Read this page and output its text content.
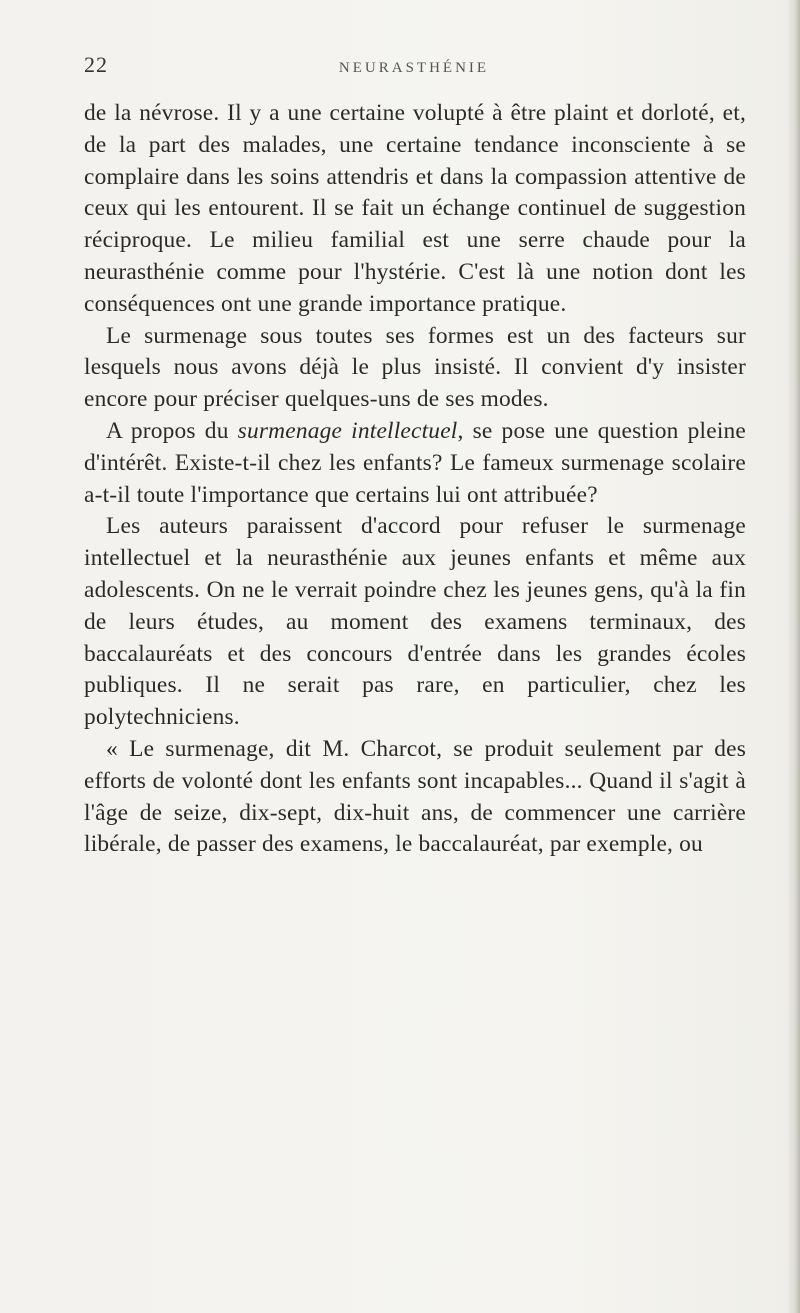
22	NEURASTHÉNIE

de la névrose. Il y a une certaine volupté à être plaint et dorloté, et, de la part des malades, une certaine tendance inconsciente à se complaire dans les soins attendris et dans la compassion attentive de ceux qui les entourent. Il se fait un échange continuel de suggestion réciproque. Le milieu familial est une serre chaude pour la neurasthénie comme pour l'hystérie. C'est là une notion dont les conséquences ont une grande importance pratique.

Le surmenage sous toutes ses formes est un des facteurs sur lesquels nous avons déjà le plus insisté. Il convient d'y insister encore pour préciser quelques-uns de ses modes.

A propos du surmenage intellectuel, se pose une question pleine d'intérêt. Existe-t-il chez les enfants? Le fameux surmenage scolaire a-t-il toute l'importance que certains lui ont attribuée?

Les auteurs paraissent d'accord pour refuser le surmenage intellectuel et la neurasthénie aux jeunes enfants et même aux adolescents. On ne le verrait poindre chez les jeunes gens, qu'à la fin de leurs études, au moment des examens terminaux, des baccalauréats et des concours d'entrée dans les grandes écoles publiques. Il ne serait pas rare, en particulier, chez les polytechniciens.

« Le surmenage, dit M. Charcot, se produit seulement par des efforts de volonté dont les enfants sont incapables... Quand il s'agit à l'âge de seize, dix-sept, dix-huit ans, de commencer une carrière libérale, de passer des examens, le baccalauréat, par exemple, ou
